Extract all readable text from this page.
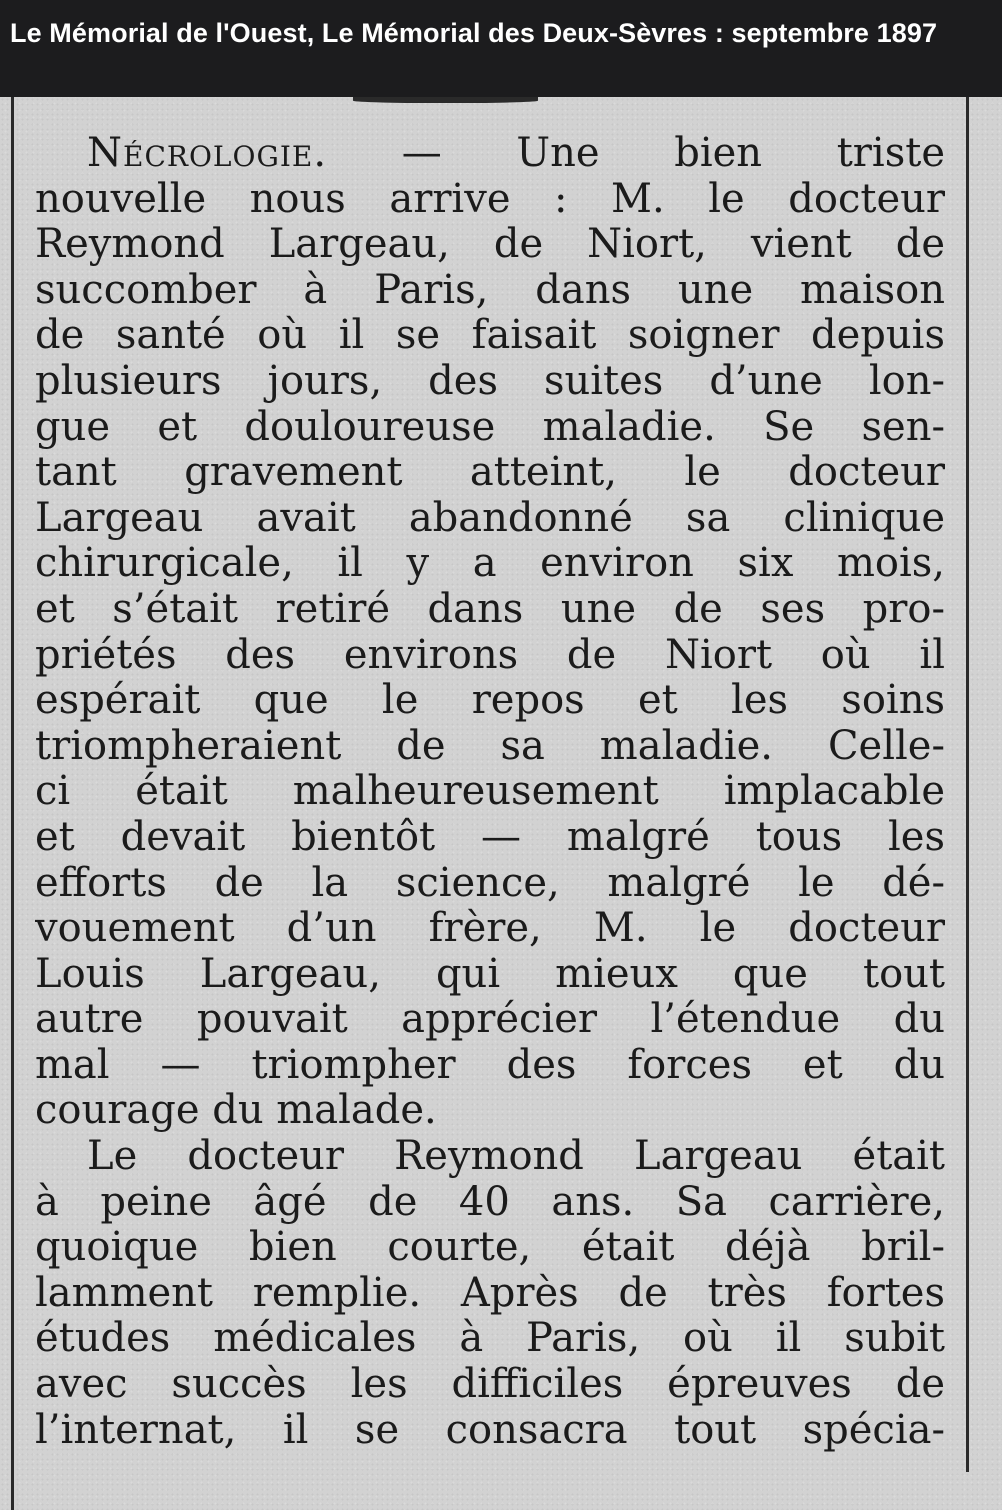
Le Mémorial de l'Ouest, Le Mémorial des Deux-Sèvres : septembre 1897
Nécrologie. — Une bien triste
nouvelle nous arrive : M. le docteur
Reymond Largeau, de Niort, vient de
succomber à Paris, dans une maison
de santé où il se faisait soigner depuis
plusieurs jours, des suites d’une lon-
gue et douloureuse maladie. Se sen-
tant gravement atteint, le docteur
Largeau avait abandonné sa clinique
chirurgicale, il y a environ six mois,
et s’était retiré dans une de ses pro-
priétés des environs de Niort où il
espérait que le repos et les soins
triompheraient de sa maladie. Celle-
ci était malheureusement implacable
et devait bientôt — malgré tous les
efforts de la science, malgré le dé-
vouement d’un frère, M. le docteur
Louis Largeau, qui mieux que tout
autre pouvait apprécier l’étendue du
mal — triompher des forces et du
courage du malade.
Le docteur Reymond Largeau était
à peine âgé de 40 ans. Sa carrière,
quoique bien courte, était déjà bril-
lamment remplie. Après de très fortes
études médicales à Paris, où il subit
avec succès les difficiles épreuves de
l’internat, il se consacra tout spécia-
